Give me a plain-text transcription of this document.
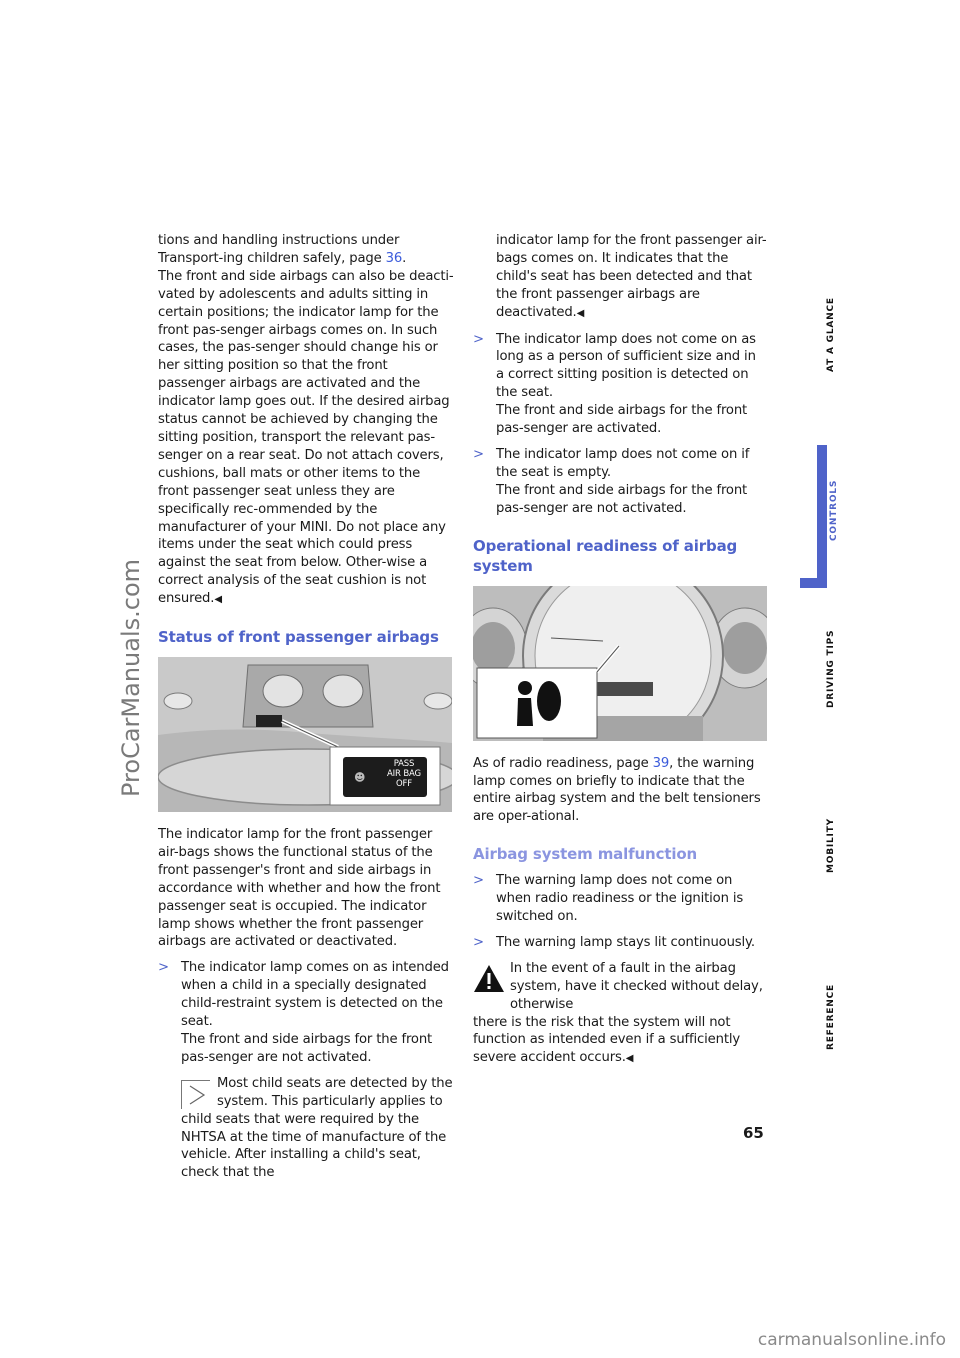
AT A GLANCE
CONTROLS
DRIVING TIPS
MOBILITY
REFERENCE
ProCarManuals.com

tions and handling instructions under Transport-ing children safely, page 36.

The front and side airbags can also be deacti-vated by adolescents and adults sitting in certain positions; the indicator lamp for the front pas-senger airbags comes on. In such cases, the pas-senger should change his or her sitting position so that the front passenger airbags are activated and the indicator lamp goes out. If the desired airbag status cannot be achieved by changing the sitting position, transport the relevant pas-senger on a rear seat. Do not attach covers, cushions, ball mats or other items to the front passenger seat unless they are specifically rec-ommended by the manufacturer of your MINI. Do not place any items under the seat which could press against the seat from below. Other-wise a correct analysis of the seat cushion is not ensured.◀

Status of front passenger airbags
☻
PASS
AIR BAG
OFF

The indicator lamp for the front passenger air-bags shows the functional status of the front passenger's front and side airbags in accordance with whether and how the front passenger seat is occupied. The indicator lamp shows whether the front passenger airbags are activated or deactivated.

> The indicator lamp comes on as intended when a child in a specially designated child-restraint system is detected on the seat.

The front and side airbags for the front pas-senger are not activated.

Most child seats are detected by the system. This particularly applies to

child seats that were required by the NHTSA at the time of manufacture of the vehicle. After installing a child's seat, check that the

indicator lamp for the front passenger air-bags comes on. It indicates that the child's seat has been detected and that the front passenger airbags are deactivated.◀

> The indicator lamp does not come on as long as a person of sufficient size and in a correct sitting position is detected on the seat.

The front and side airbags for the front pas-senger are activated.

> The indicator lamp does not come on if the seat is empty.

The front and side airbags for the front pas-senger are not activated.

Operational readiness of airbag system

As of radio readiness, page 39, the warning lamp comes on briefly to indicate that the entire airbag system and the belt tensioners are oper-ational.

Airbag system malfunction
> The warning lamp does not come on when radio readiness or the ignition is switched on.

> The warning lamp stays lit continuously.

In the event of a fault in the airbag system, have it checked without delay, otherwise

there is the risk that the system will not function as intended even if a sufficiently severe accident occurs.◀

65
carmanualsonline.info
